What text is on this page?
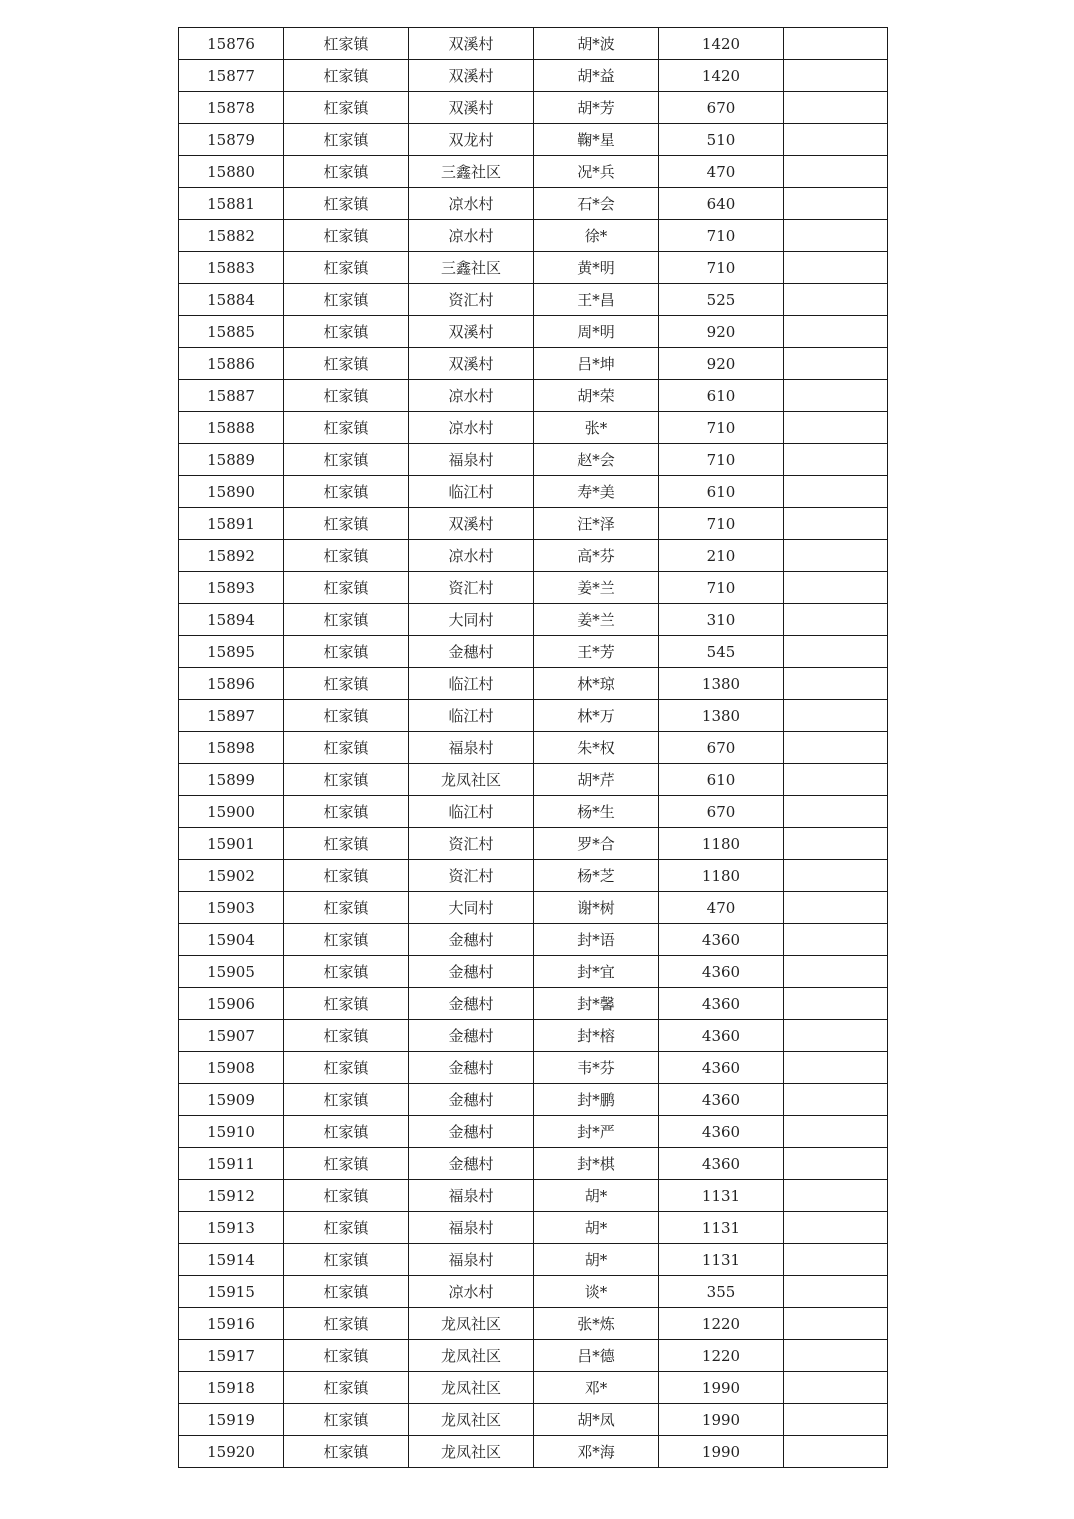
15876	杠家镇	双溪村	胡*波	1420	
15877	杠家镇	双溪村	胡*益	1420	
15878	杠家镇	双溪村	胡*芳	670	
15879	杠家镇	双龙村	鞠*星	510	
15880	杠家镇	三鑫社区	况*兵	470	
15881	杠家镇	凉水村	石*会	640	
15882	杠家镇	凉水村	徐*	710	
15883	杠家镇	三鑫社区	黄*明	710	
15884	杠家镇	资汇村	王*昌	525	
15885	杠家镇	双溪村	周*明	920	
15886	杠家镇	双溪村	吕*坤	920	
15887	杠家镇	凉水村	胡*荣	610	
15888	杠家镇	凉水村	张*	710	
15889	杠家镇	福泉村	赵*会	710	
15890	杠家镇	临江村	寿*美	610	
15891	杠家镇	双溪村	汪*泽	710	
15892	杠家镇	凉水村	高*芬	210	
15893	杠家镇	资汇村	姜*兰	710	
15894	杠家镇	大同村	姜*兰	310	
15895	杠家镇	金穗村	王*芳	545	
15896	杠家镇	临江村	林*琼	1380	
15897	杠家镇	临江村	林*万	1380	
15898	杠家镇	福泉村	朱*权	670	
15899	杠家镇	龙凤社区	胡*芹	610	
15900	杠家镇	临江村	杨*生	670	
15901	杠家镇	资汇村	罗*合	1180	
15902	杠家镇	资汇村	杨*芝	1180	
15903	杠家镇	大同村	谢*树	470	
15904	杠家镇	金穗村	封*语	4360	
15905	杠家镇	金穗村	封*宜	4360	
15906	杠家镇	金穗村	封*馨	4360	
15907	杠家镇	金穗村	封*榕	4360	
15908	杠家镇	金穗村	韦*芬	4360	
15909	杠家镇	金穗村	封*鹏	4360	
15910	杠家镇	金穗村	封*严	4360	
15911	杠家镇	金穗村	封*棋	4360	
15912	杠家镇	福泉村	胡*	1131	
15913	杠家镇	福泉村	胡*	1131	
15914	杠家镇	福泉村	胡*	1131	
15915	杠家镇	凉水村	谈*	355	
15916	杠家镇	龙凤社区	张*炼	1220	
15917	杠家镇	龙凤社区	吕*德	1220	
15918	杠家镇	龙凤社区	邓*	1990	
15919	杠家镇	龙凤社区	胡*凤	1990	
15920	杠家镇	龙凤社区	邓*海	1990	
